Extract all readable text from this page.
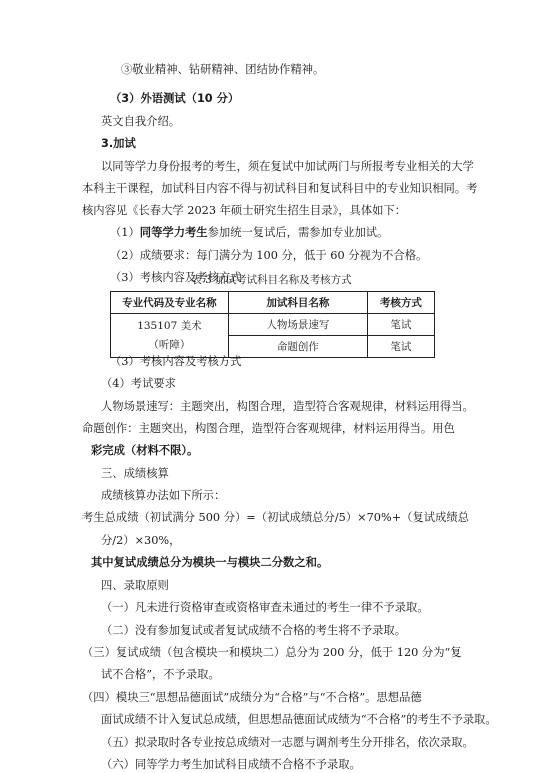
③敬业精神、钻研精神、团结协作精神。
（3）外语测试（10 分）
英文自我介绍。
3.加试
以同等学力身份报考的考生，须在复试中加试两门与所报考专业相关的大学
本科主干课程，加试科目内容不得与初试科目和复试科目中的专业知识相同。考
核内容见《长春大学 2023 年硕士研究生招生目录》，具体如下：
（1）同等学力考生参加统一复试后，需参加专业加试。
（2）成绩要求：每门满分为 100 分，低于 60 分视为不合格。
（3）考核内容及考核方式
表 3 加试考试科目名称及考核方式
专业代码及专业名称	加试科目名称	考核方式

135107 美术
（听障）	人物场景速写	笔试
	命题创作	笔试
（3）考核内容及考核方式
（4）考试要求
人物场景速写：主题突出，构图合理，造型符合客观规律，材料运用得当。
命题创作：主题突出，构图合理，造型符合客观规律，材料运用得当。用色
彩完成（材料不限）。
三、成绩核算
成绩核算办法如下所示：
考生总成绩（初试满分 500 分）=（初试成绩总分/5）×70%+（复试成绩总
分/2）×30%，
其中复试成绩总分为模块一与模块二分数之和。
四、录取原则
（一）凡未进行资格审查或资格审查未通过的考生一律不予录取。
（二）没有参加复试或者复试成绩不合格的考生将不予录取。
（三）复试成绩（包含模块一和模块二）总分为 200 分，低于 120 分为“复
试不合格”，不予录取。
（四）模块三“思想品德面试”成绩分为“合格”与“不合格”。思想品德
面试成绩不计入复试总成绩，但思想品德面试成绩为“不合格”的考生不予录取。
（五）拟录取时各专业按总成绩对一志愿与调剂考生分开排名，依次录取。
（六）同等学力考生加试科目成绩不合格不予录取。
